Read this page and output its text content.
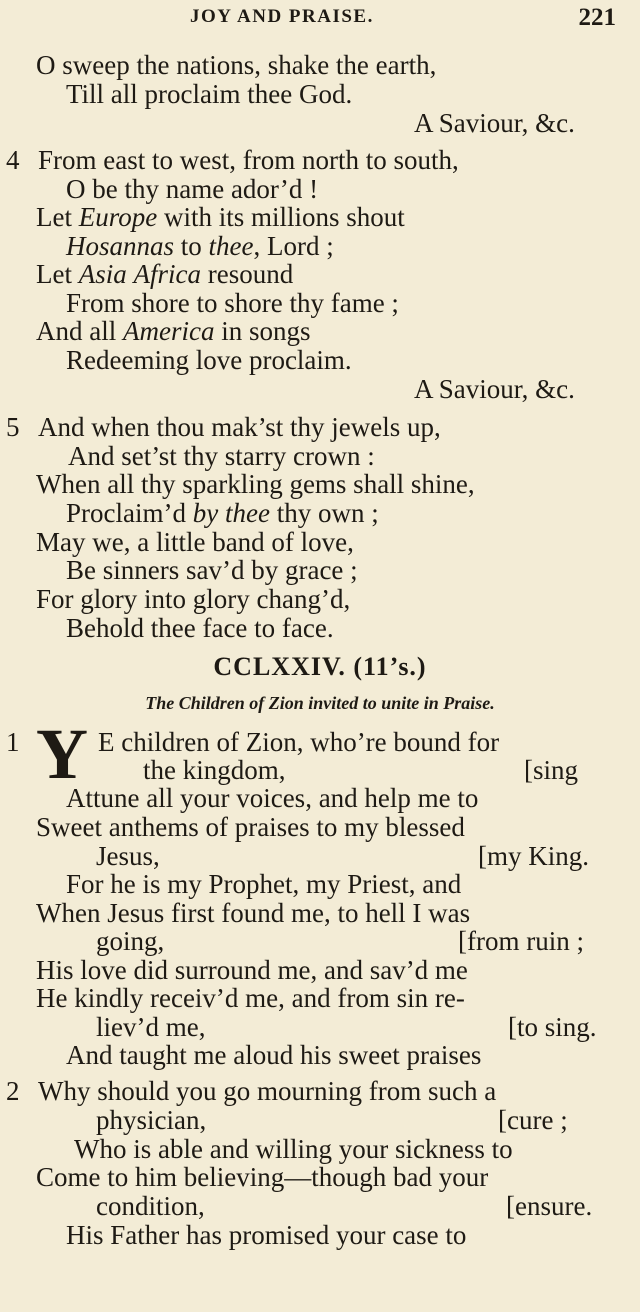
JOY AND PRAISE.	221
O sweep the nations, shake the earth,
Till all proclaim thee God.
A Saviour, &c.
4 From east to west, from north to south,
O be thy name ador’d !
Let Europe with its millions shout
Hosannas to thee, Lord ;
Let Asia Africa resound
From shore to shore thy fame ;
And all America in songs
Redeeming love proclaim.
A Saviour, &c.
5 And when thou mak’st thy jewels up,
And set’st thy starry crown :
When all thy sparkling gems shall shine,
Proclaim’d by thee thy own ;
May we, a little band of love,
Be sinners sav’d by grace ;
For glory into glory chang’d,
Behold thee face to face.
CCLXXIV. (11’s.)
The Children of Zion invited to unite in Praise.
1 Y E children of Zion, who’re bound for
the kingdom,	[sing
Attune all your voices, and help me to
Sweet anthems of praises to my blessed
Jesus,	[my King.
For he is my Prophet, my Priest, and
When Jesus first found me, to hell I was
going,	[from ruin ;
His love did surround me, and sav’d me
He kindly receiv’d me, and from sin re-
liev’d me,	[to sing.
And taught me aloud his sweet praises
2 Why should you go mourning from such a
physician,	[cure ;
Who is able and willing your sickness to
Come to him believing—though bad your
condition,	[ensure.
His Father has promised your case to
